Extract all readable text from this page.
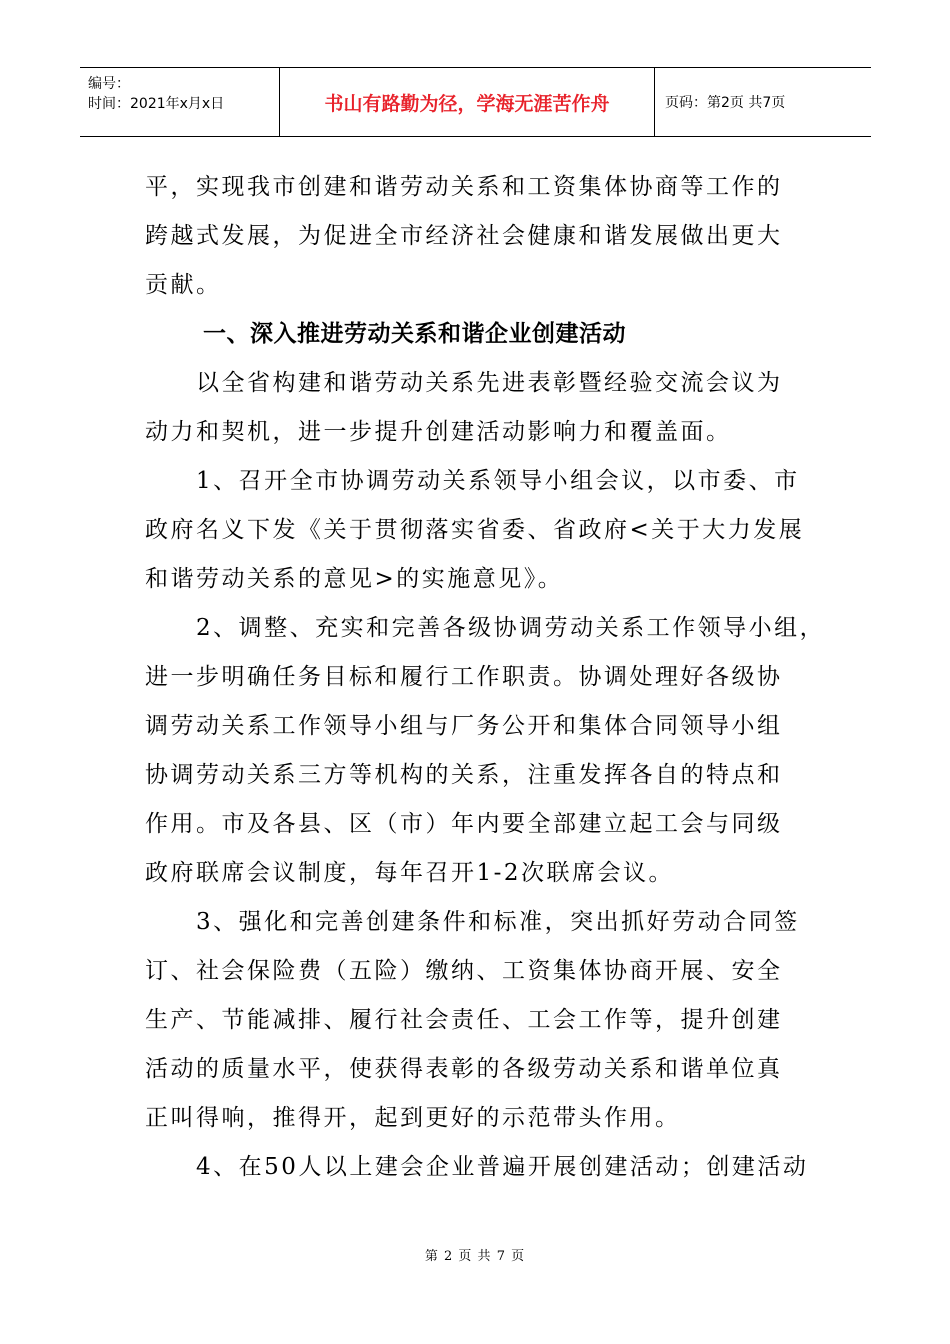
编号：
时间：2021年x月x日	书山有路勤为径，学海无涯苦作舟	页码：第2页 共7页
平，实现我市创建和谐劳动关系和工资集体协商等工作的
跨越式发展，为促进全市经济社会健康和谐发展做出更大
贡献。
一、深入推进劳动关系和谐企业创建活动
　　以全省构建和谐劳动关系先进表彰暨经验交流会议为
动力和契机，进一步提升创建活动影响力和覆盖面。
　　1、召开全市协调劳动关系领导小组会议，以市委、市
政府名义下发《关于贯彻落实省委、省政府<关于大力发展
和谐劳动关系的意见>的实施意见》。
　　2、调整、充实和完善各级协调劳动关系工作领导小组，
进一步明确任务目标和履行工作职责。协调处理好各级协
调劳动关系工作领导小组与厂务公开和集体合同领导小组
协调劳动关系三方等机构的关系，注重发挥各自的特点和
作用。市及各县、区（市）年内要全部建立起工会与同级
政府联席会议制度，每年召开1-2次联席会议。
　　3、强化和完善创建条件和标准，突出抓好劳动合同签
订、社会保险费（五险）缴纳、工资集体协商开展、安全
生产、节能减排、履行社会责任、工会工作等，提升创建
活动的质量水平，使获得表彰的各级劳动关系和谐单位真
正叫得响，推得开，起到更好的示范带头作用。
　　4、在50人以上建会企业普遍开展创建活动；创建活动
第 2 页 共 7 页
